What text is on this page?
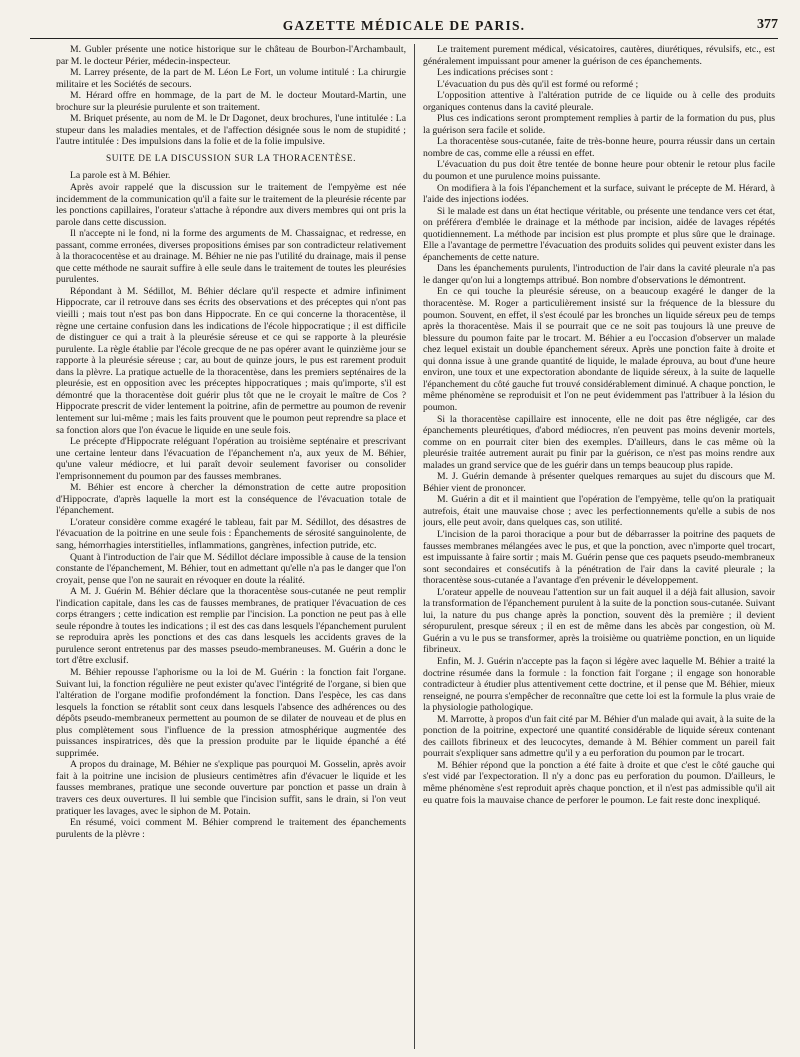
GAZETTE MÉDICALE DE PARIS.	377

M. Gubler présente une notice historique sur le château de Bourbon-l'Archambault, par M. le docteur Périer, médecin-inspecteur.

M. Larrey présente, de la part de M. Léon Le Fort, un volume intitulé : La chirurgie militaire et les Sociétés de secours.

M. Hérard offre en hommage, de la part de M. le docteur Moutard-Martin, une brochure sur la pleurésie purulente et son traitement.

M. Briquet présente, au nom de M. le Dr Dagonet, deux brochures, l'une intitulée : La stupeur dans les maladies mentales, et de l'affection désignée sous le nom de stupidité ; l'autre intitulée : Des impulsions dans la folie et de la folie impulsive.

SUITE DE LA DISCUSSION SUR LA THORACENTÈSE.

La parole est à M. Béhier.

Après avoir rappelé que la discussion sur le traitement de l'empyème est née incidemment de la communication qu'il a faite sur le traitement de la pleurésie récente par les ponctions capillaires, l'orateur s'attache à répondre aux divers membres qui ont pris la parole dans cette discussion.

Il n'accepte ni le fond, ni la forme des arguments de M. Chassaignac, et redresse, en passant, comme erronées, diverses propositions émises par son contradicteur relativement à la thoracocentèse et au drainage. M. Béhier ne nie pas l'utilité du drainage, mais il pense que cette méthode ne saurait suffire à elle seule dans le traitement de toutes les pleurésies purulentes.

Répondant à M. Sédillot, M. Béhier déclare qu'il respecte et admire infiniment Hippocrate, car il retrouve dans ses écrits des observations et des préceptes qui n'ont pas vieilli ; mais tout n'est pas bon dans Hippocrate. En ce qui concerne la thoracentèse, il règne une certaine confusion dans les indications de l'école hippocratique ; il est difficile de distinguer ce qui a trait à la pleurésie séreuse et ce qui se rapporte à la pleurésie purulente. La règle établie par l'école grecque de ne pas opérer avant le quinzième jour se rapporte à la pleurésie séreuse ; car, au bout de quinze jours, le pus est rarement produit dans la plèvre. La pratique actuelle de la thoracentèse, dans les premiers septénaires de la pleurésie, est en opposition avec les préceptes hippocratiques ; mais qu'importe, s'il est démontré que la thoracentèse doit guérir plus tôt que ne le croyait le maître de Cos ? Hippocrate prescrit de vider lentement la poitrine, afin de permettre au poumon de revenir lentement sur lui-même ; mais les faits prouvent que le poumon peut reprendre sa place et sa fonction alors que l'on évacue le liquide en une seule fois.

Le précepte d'Hippocrate reléguant l'opération au troisième septénaire et prescrivant une certaine lenteur dans l'évacuation de l'épanchement n'a, aux yeux de M. Béhier, qu'une valeur médiocre, et lui paraît devoir seulement favoriser ou consolider l'emprisonnement du poumon par des fausses membranes.

M. Béhier est encore à chercher la démonstration de cette autre proposition d'Hippocrate, d'après laquelle la mort est la conséquence de l'évacuation totale de l'épanchement.

L'orateur considère comme exagéré le tableau, fait par M. Sédillot, des désastres de l'évacuation de la poitrine en une seule fois : Épanchements de sérosité sanguinolente, de sang, hémorrhagies interstitielles, inflammations, gangrènes, infection putride, etc.

Quant à l'introduction de l'air que M. Sédillot déclare impossible à cause de la tension constante de l'épanchement, M. Béhier, tout en admettant qu'elle n'a pas le danger que l'on croyait, pense que l'on ne saurait en révoquer en doute la réalité.

A M. J. Guérin M. Béhier déclare que la thoracentèse sous-cutanée ne peut remplir l'indication capitale, dans les cas de fausses membranes, de pratiquer l'évacuation de ces corps étrangers ; cette indication est remplie par l'incision. La ponction ne peut pas à elle seule répondre à toutes les indications ; il est des cas dans lesquels l'épanchement purulent se reproduira après les ponctions et des cas dans lesquels les accidents graves de la purulence seront entretenus par des masses pseudo-membraneuses. M. Guérin a donc le tort d'être exclusif.

M. Béhier repousse l'aphorisme ou la loi de M. Guérin : la fonction fait l'organe. Suivant lui, la fonction régulière ne peut exister qu'avec l'intégrité de l'organe, si bien que l'altération de l'organe modifie profondément la fonction. Dans l'espèce, les cas dans lesquels la fonction se rétablit sont ceux dans lesquels l'absence des adhérences ou des dépôts pseudo-membraneux permettent au poumon de se dilater de nouveau et de plus en plus complètement sous l'influence de la pression atmosphérique augmentée des puissances inspiratrices, dès que la pression produite par le liquide épanché a été supprimée.

A propos du drainage, M. Béhier ne s'explique pas pourquoi M. Gosselin, après avoir fait à la poitrine une incision de plusieurs centimètres afin d'évacuer le liquide et les fausses membranes, pratique une seconde ouverture par ponction et passe un drain à travers ces deux ouvertures. Il lui semble que l'incision suffit, sans le drain, si l'on veut pratiquer les lavages, avec le siphon de M. Potain.

En résumé, voici comment M. Béhier comprend le traitement des épanchements purulents de la plèvre :

Le traitement purement médical, vésicatoires, cautères, diurétiques, révulsifs, etc., est généralement impuissant pour amener la guérison de ces épanchements.

Les indications précises sont :

L'évacuation du pus dès qu'il est formé ou reformé ;

L'opposition attentive à l'altération putride de ce liquide ou à celle des produits organiques contenus dans la cavité pleurale.

Plus ces indications seront promptement remplies à partir de la formation du pus, plus la guérison sera facile et solide.

La thoracentèse sous-cutanée, faite de très-bonne heure, pourra réussir dans un certain nombre de cas, comme elle a réussi en effet.

L'évacuation du pus doit être tentée de bonne heure pour obtenir le retour plus facile du poumon et une purulence moins puissante.

On modifiera à la fois l'épanchement et la surface, suivant le précepte de M. Hérard, à l'aide des injections iodées.

Si le malade est dans un état hectique véritable, ou présente une tendance vers cet état, on préférera d'emblée le drainage et la méthode par incision, aidée de lavages répétés quotidiennement. La méthode par incision est plus prompte et plus sûre que le drainage. Elle a l'avantage de permettre l'évacuation des produits solides qui peuvent exister dans les épanchements de cette nature.

Dans les épanchements purulents, l'introduction de l'air dans la cavité pleurale n'a pas le danger qu'on lui a longtemps attribué. Bon nombre d'observations le démontrent.

En ce qui touche la pleurésie séreuse, on a beaucoup exagéré le danger de la thoracentèse. M. Roger a particulièrement insisté sur la fréquence de la blessure du poumon. Souvent, en effet, il s'est écoulé par les bronches un liquide séreux peu de temps après la thoracentèse. Mais il se pourrait que ce ne soit pas toujours là une preuve de blessure du poumon faite par le trocart. M. Béhier a eu l'occasion d'observer un malade chez lequel existait un double épanchement séreux. Après une ponction faite à droite et qui donna issue à une grande quantité de liquide, le malade éprouva, au bout d'une heure environ, une toux et une expectoration abondante de liquide séreux, à la suite de laquelle l'épanchement du côté gauche fut trouvé considérablement diminué. A chaque ponction, le même phénomène se reproduisit et l'on ne peut évidemment pas l'attribuer à la lésion du poumon.

Si la thoracentèse capillaire est innocente, elle ne doit pas être négligée, car des épanchements pleurétiques, d'abord médiocres, n'en peuvent pas moins devenir mortels, comme on en pourrait citer bien des exemples. D'ailleurs, dans le cas même où la pleurésie traitée autrement aurait pu finir par la guérison, ce n'est pas moins rendre aux malades un grand service que de les guérir dans un temps beaucoup plus rapide.

M. J. Guérin demande à présenter quelques remarques au sujet du discours que M. Béhier vient de prononcer.

M. Guérin a dit et il maintient que l'opération de l'empyème, telle qu'on la pratiquait autrefois, était une mauvaise chose ; avec les perfectionnements qu'elle a subis de nos jours, elle peut avoir, dans quelques cas, son utilité.

L'incision de la paroi thoracique a pour but de débarrasser la poitrine des paquets de fausses membranes mélangées avec le pus, et que la ponction, avec n'importe quel trocart, est impuissante à faire sortir ; mais M. Guérin pense que ces paquets pseudo-membraneux sont secondaires et consécutifs à la pénétration de l'air dans la cavité pleurale ; la thoracentèse sous-cutanée a l'avantage d'en prévenir le développement.

L'orateur appelle de nouveau l'attention sur un fait auquel il a déjà fait allusion, savoir la transformation de l'épanchement purulent à la suite de la ponction sous-cutanée. Suivant lui, la nature du pus change après la ponction, souvent dès la première ; il devient séropurulent, presque séreux ; il en est de même dans les abcès par congestion, où M. Guérin a vu le pus se transformer, après la troisième ou quatrième ponction, en un liquide fibrineux.

Enfin, M. J. Guérin n'accepte pas la façon si légère avec laquelle M. Béhier a traité la doctrine résumée dans la formule : la fonction fait l'organe ; il engage son honorable contradicteur à étudier plus attentivement cette doctrine, et il pense que M. Béhier, mieux renseigné, ne pourra s'empêcher de reconnaître que cette loi est la formule la plus vraie de la physiologie pathologique.

M. Marrotte, à propos d'un fait cité par M. Béhier d'un malade qui avait, à la suite de la ponction de la poitrine, expectoré une quantité considérable de liquide séreux contenant des caillots fibrineux et des leucocytes, demande à M. Béhier comment un pareil fait pourrait s'expliquer sans admettre qu'il y a eu perforation du poumon par le trocart.

M. Béhier répond que la ponction a été faite à droite et que c'est le côté gauche qui s'est vidé par l'expectoration. Il n'y a donc pas eu perforation du poumon. D'ailleurs, le même phénomène s'est reproduit après chaque ponction, et il n'est pas admissible qu'il ait eu quatre fois la mauvaise chance de perforer le poumon. Le fait reste donc inexpliqué.
